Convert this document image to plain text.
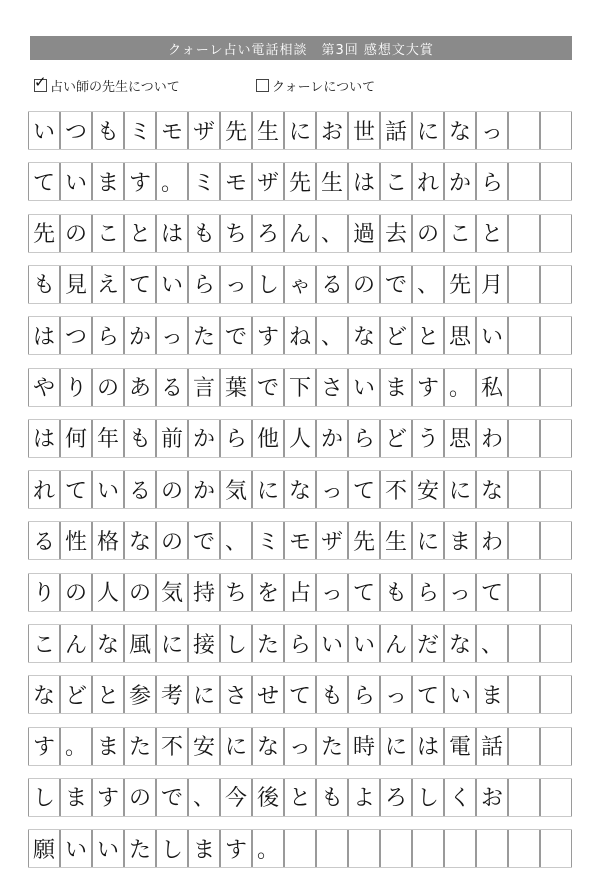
クォーレ占い電話相談　第3回 感想文大賞
✓ 占い師の先生について	クォーレについて
い つ も ミ モ ザ 先 生 に お 世 話 に な っ
て い ま す 。 ミ モ ザ 先 生 は こ れ か ら
先 の こ と は も ち ろ ん 、 過 去 の こ と
も 見 え て い ら っ し ゃ る の で 、 先 月
は つ ら か っ た で す ね 、 な ど と 思 い
や り の あ る 言 葉 で 下 さ い ま す 。 私
は 何 年 も 前 か ら 他 人 か ら ど う 思 わ
れ て い る の か 気 に な っ て 不 安 に な
る 性 格 な の で 、 ミ モ ザ 先 生 に ま わ
り の 人 の 気 持 ち を 占 っ て も ら っ て
こ ん な 風 に 接 し た ら い い ん だ な 、
な ど と 参 考 に さ せ て も ら っ て い ま
す 。 ま た 不 安 に な っ た 時 に は 電 話
し ま す の で 、 今 後 と も よ ろ し く お
願 い い た し ま す 。
